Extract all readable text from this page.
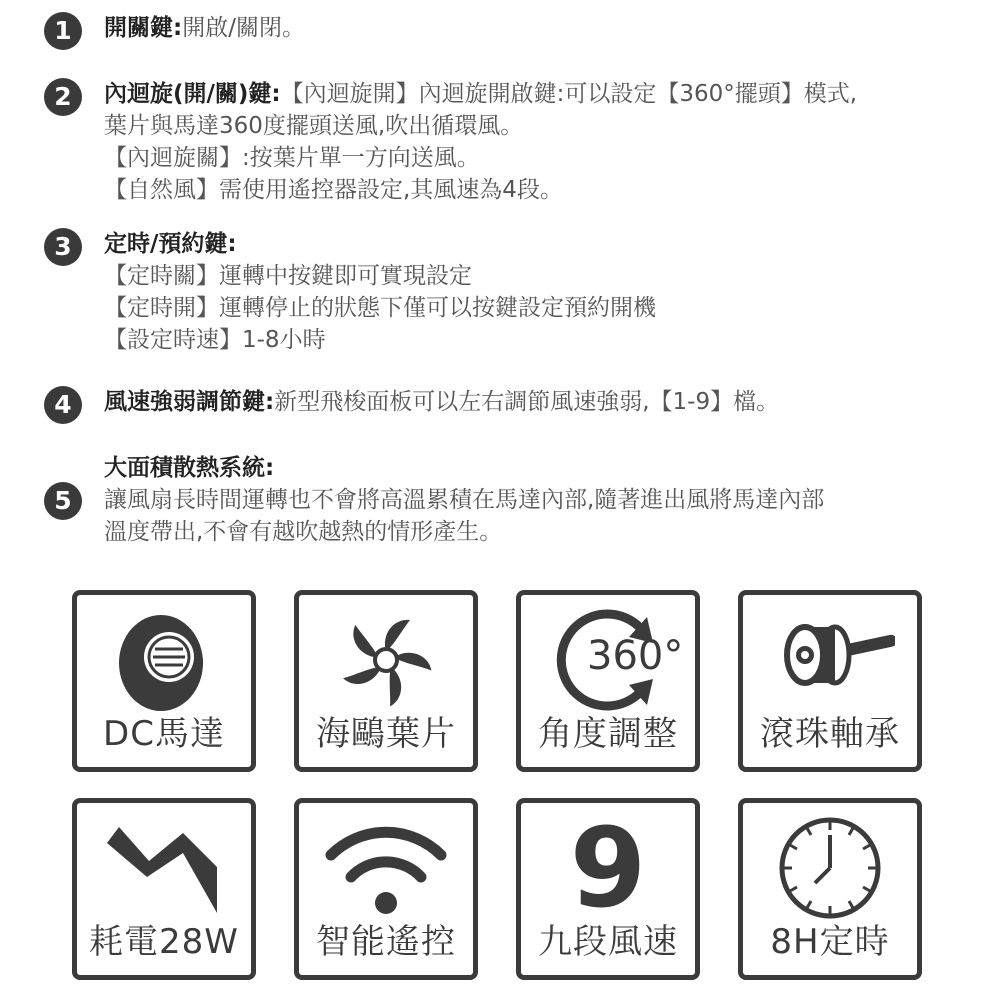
1	開關鍵:開啟/關閉。
2	內迴旋(開/關)鍵:【內迴旋開】內迴旋開啟鍵:可以設定【360°擺頭】模式,
葉片與馬達360度擺頭送風,吹出循環風。
【內迴旋關】:按葉片單一方向送風。
【自然風】需使用遙控器設定,其風速為4段。
3	定時/預約鍵:
【定時關】運轉中按鍵即可實現設定
【定時開】運轉停止的狀態下僅可以按鍵設定預約開機
【設定時速】1-8小時
4	風速強弱調節鍵:新型飛梭面板可以左右調節風速強弱,【1-9】檔。
5
大面積散熱系統:
讓風扇長時間運轉也不會將高溫累積在馬達內部,隨著進出風將馬達內部
溫度帶出,不會有越吹越熱的情形產生。
DC馬達	海鷗葉片
360°
角度調整	滾珠軸承
耗電28W	智能遙控
9
九段風速	8H定時
